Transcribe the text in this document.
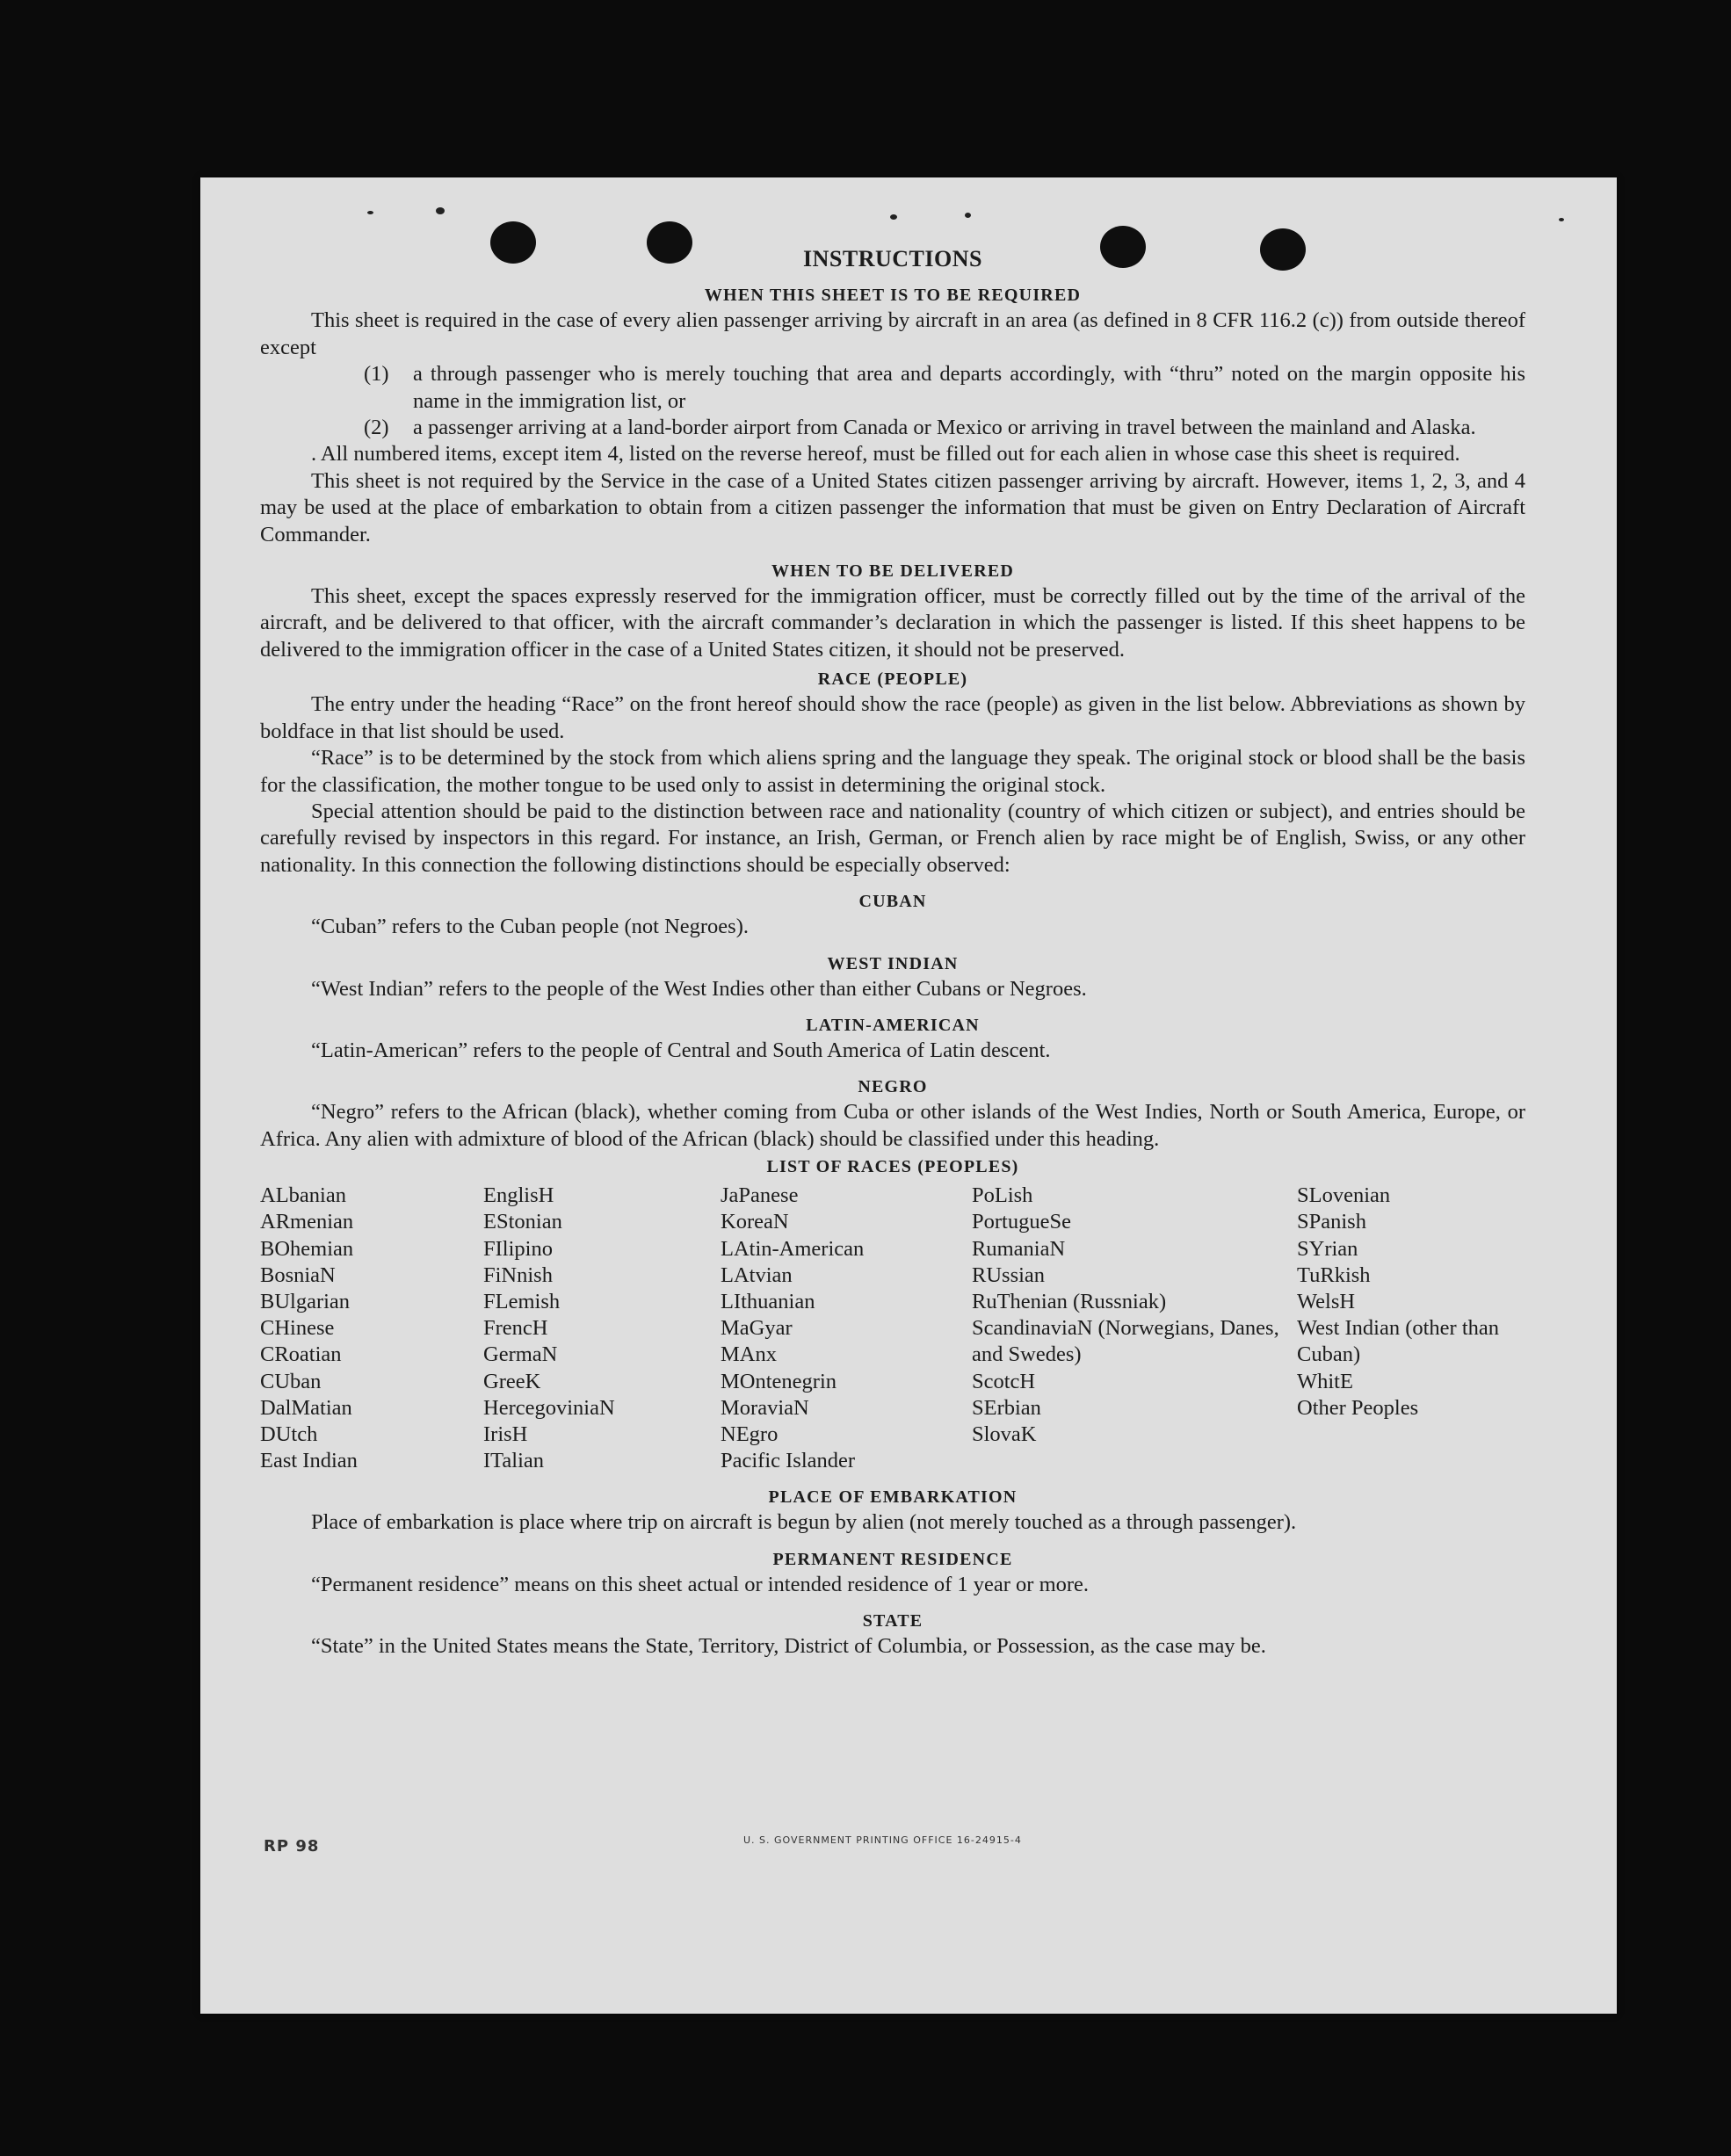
INSTRUCTIONS
WHEN THIS SHEET IS TO BE REQUIRED

This sheet is required in the case of every alien passenger arriving by aircraft in an area (as defined in 8 CFR 116.2 (c)) from outside thereof except

(1)	a through passenger who is merely touching that area and departs accordingly, with “thru” noted on the margin opposite his name in the immigration list, or
(2)	a passenger arriving at a land-border airport from Canada or Mexico or arriving in travel between the mainland and Alaska.

. All numbered items, except item 4, listed on the reverse hereof, must be filled out for each alien in whose case this sheet is required.

This sheet is not required by the Service in the case of a United States citizen passenger arriving by aircraft. However, items 1, 2, 3, and 4 may be used at the place of embarkation to obtain from a citizen passenger the information that must be given on Entry Declaration of Aircraft Commander.

WHEN TO BE DELIVERED

This sheet, except the spaces expressly reserved for the immigration officer, must be correctly filled out by the time of the arrival of the aircraft, and be delivered to that officer, with the aircraft commander’s declaration in which the passenger is listed. If this sheet happens to be delivered to the immigration officer in the case of a United States citizen, it should not be preserved.

RACE (PEOPLE)

The entry under the heading “Race” on the front hereof should show the race (people) as given in the list below. Abbreviations as shown by boldface in that list should be used.

“Race” is to be determined by the stock from which aliens spring and the language they speak. The original stock or blood shall be the basis for the classification, the mother tongue to be used only to assist in determining the original stock.

Special attention should be paid to the distinction between race and nationality (country of which citizen or subject), and entries should be carefully revised by inspectors in this regard. For instance, an Irish, German, or French alien by race might be of English, Swiss, or any other nationality. In this connection the following distinctions should be especially observed:

CUBAN

“Cuban” refers to the Cuban people (not Negroes).

WEST INDIAN

“West Indian” refers to the people of the West Indies other than either Cubans or Negroes.

LATIN-AMERICAN

“Latin-American” refers to the people of Central and South America of Latin descent.

NEGRO

“Negro” refers to the African (black), whether coming from Cuba or other islands of the West Indies, North or South America, Europe, or Africa. Any alien with admixture of blood of the African (black) should be classified under this heading.

LIST OF RACES (PEOPLES)
ALbanian
ARmenian
BOhemian
BosniaN
BUlgarian
CHinese
CRoatian
CUban
DalMatian
DUtch
East Indian
EnglisH
EStonian
FIlipino
FiNnish
FLemish
FrencH
GermaN
GreeK
HercegoviniaN
IrisH
ITalian
JaPanese
KoreaN
LAtin-American
LAtvian
LIthuanian
MaGyar
MAnx
MOntenegrin
MoraviaN
NEgro
Pacific Islander
PoLish
PortugueSe
RumaniaN
RUssian
RuThenian (Russniak)
ScandinaviaN (Norwegians, Danes, and Swedes)
ScotcH
SErbian
SlovaK
SLovenian
SPanish
SYrian
TuRkish
WelsH
West Indian (other than Cuban)
WhitE
Other Peoples
PLACE OF EMBARKATION

Place of embarkation is place where trip on aircraft is begun by alien (not merely touched as a through passenger).

PERMANENT RESIDENCE

“Permanent residence” means on this sheet actual or intended residence of 1 year or more.

STATE

“State” in the United States means the State, Territory, District of Columbia, or Possession, as the case may be.

RP 98	U. S. GOVERNMENT PRINTING OFFICE 16-24915-4
